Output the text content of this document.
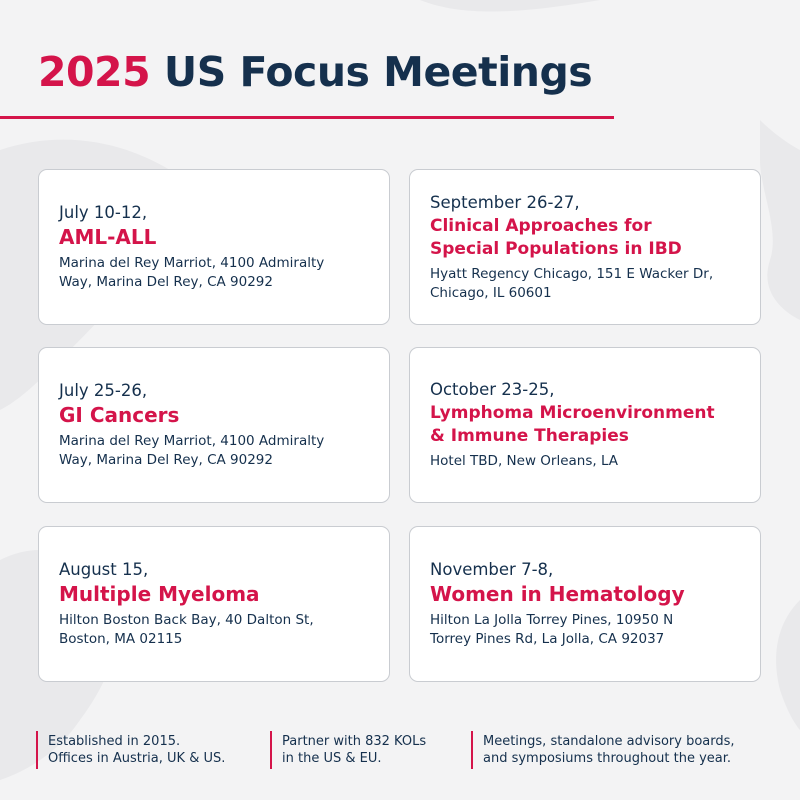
2025 US Focus Meetings
July 10-12,
AML-ALL
Marina del Rey Marriot, 4100 Admiralty
Way, Marina Del Rey, CA 90292
September 26-27,
Clinical Approaches for
Special Populations in IBD
Hyatt Regency Chicago, 151 E Wacker Dr,
Chicago, IL 60601
July 25-26,
GI Cancers
Marina del Rey Marriot, 4100 Admiralty
Way, Marina Del Rey, CA 90292
October 23-25,
Lymphoma Microenvironment
& Immune Therapies
Hotel TBD, New Orleans, LA
August 15,
Multiple Myeloma
Hilton Boston Back Bay, 40 Dalton St,
Boston, MA 02115
November 7-8,
Women in Hematology
Hilton La Jolla Torrey Pines, 10950 N
Torrey Pines Rd, La Jolla, CA 92037
Established in 2015.
Offices in Austria, UK & US.
Partner with 832 KOLs
in the US & EU.
Meetings, standalone advisory boards,
and symposiums throughout the year.
